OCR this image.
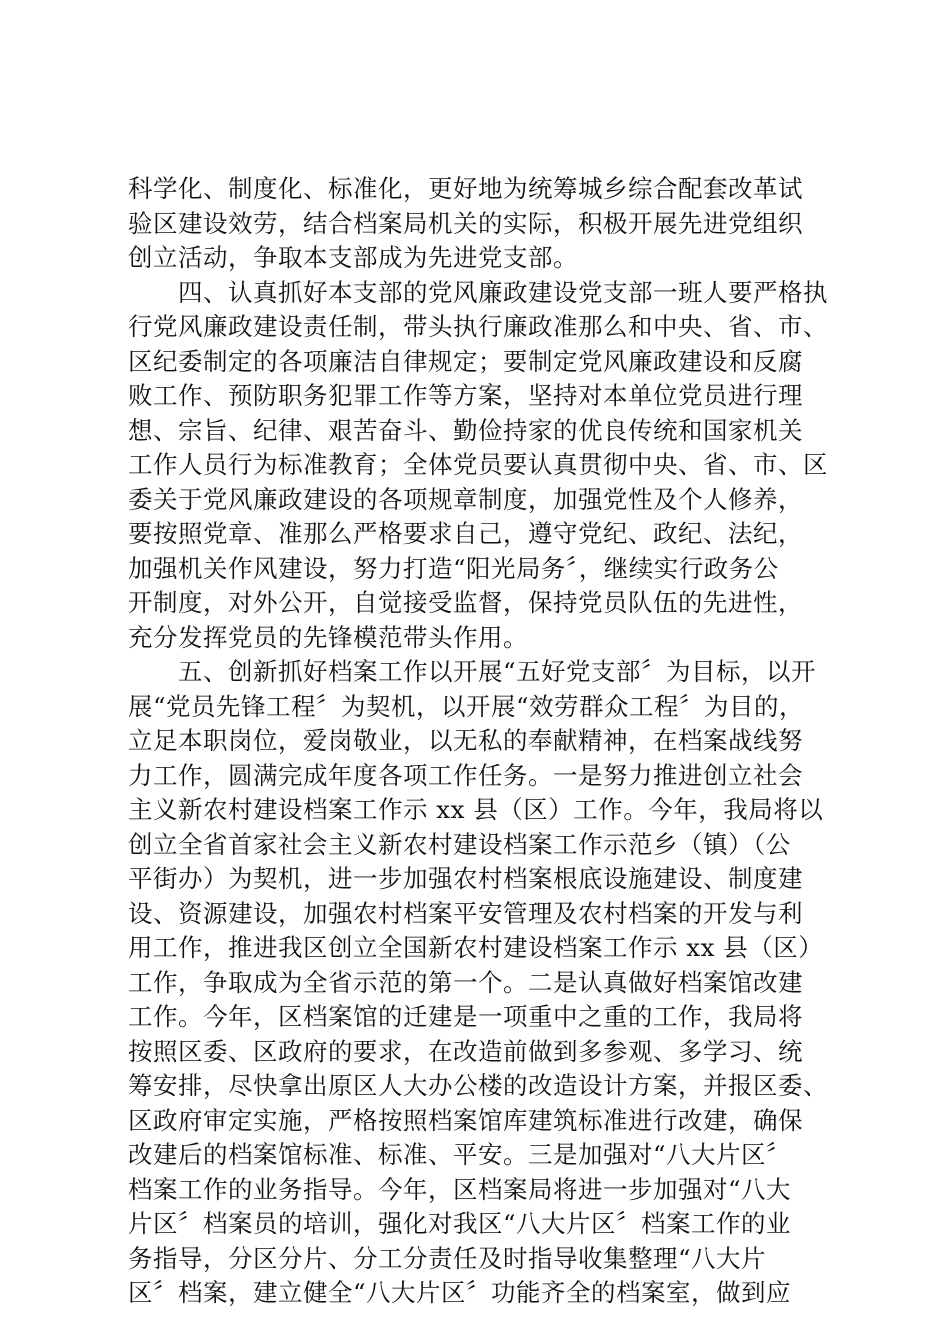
科学化、制度化、标准化，更好地为统筹城乡综合配套改革试
验区建设效劳，结合档案局机关的实际，积极开展先进党组织
创立活动，争取本支部成为先进党支部。
四、认真抓好本支部的党风廉政建设党支部一班人要严格执
行党风廉政建设责任制，带头执行廉政准那么和中央、省、市、
区纪委制定的各项廉洁自律规定；要制定党风廉政建设和反腐
败工作、预防职务犯罪工作等方案，坚持对本单位党员进行理
想、宗旨、纪律、艰苦奋斗、勤俭持家的优良传统和国家机关
工作人员行为标准教育；全体党员要认真贯彻中央、省、市、区
委关于党风廉政建设的各项规章制度，加强党性及个人修养，
要按照党章、准那么严格要求自己，遵守党纪、政纪、法纪，
加强机关作风建设，努力打造“阳光局务〞，继续实行政务公
开制度，对外公开，自觉接受监督，保持党员队伍的先进性，
充分发挥党员的先锋模范带头作用。
五、创新抓好档案工作以开展“五好党支部〞为目标，以开
展“党员先锋工程〞为契机，以开展“效劳群众工程〞为目的，
立足本职岗位，爱岗敬业，以无私的奉献精神，在档案战线努
力工作，圆满完成年度各项工作任务。一是努力推进创立社会
主义新农村建设档案工作示 xx 县（区）工作。今年，我局将以
创立全省首家社会主义新农村建设档案工作示范乡（镇）（公
平街办）为契机，进一步加强农村档案根底设施建设、制度建
设、资源建设，加强农村档案平安管理及农村档案的开发与利
用工作，推进我区创立全国新农村建设档案工作示 xx 县（区）
工作，争取成为全省示范的第一个。二是认真做好档案馆改建
工作。今年，区档案馆的迁建是一项重中之重的工作，我局将
按照区委、区政府的要求，在改造前做到多参观、多学习、统
筹安排，尽快拿出原区人大办公楼的改造设计方案，并报区委、
区政府审定实施，严格按照档案馆库建筑标准进行改建，确保
改建后的档案馆标准、标准、平安。三是加强对“八大片区〞
档案工作的业务指导。今年，区档案局将进一步加强对“八大
片区〞档案员的培训，强化对我区“八大片区〞档案工作的业
务指导，分区分片、分工分责任及时指导收集整理“八大片
区〞档案，建立健全“八大片区〞功能齐全的档案室，做到应
